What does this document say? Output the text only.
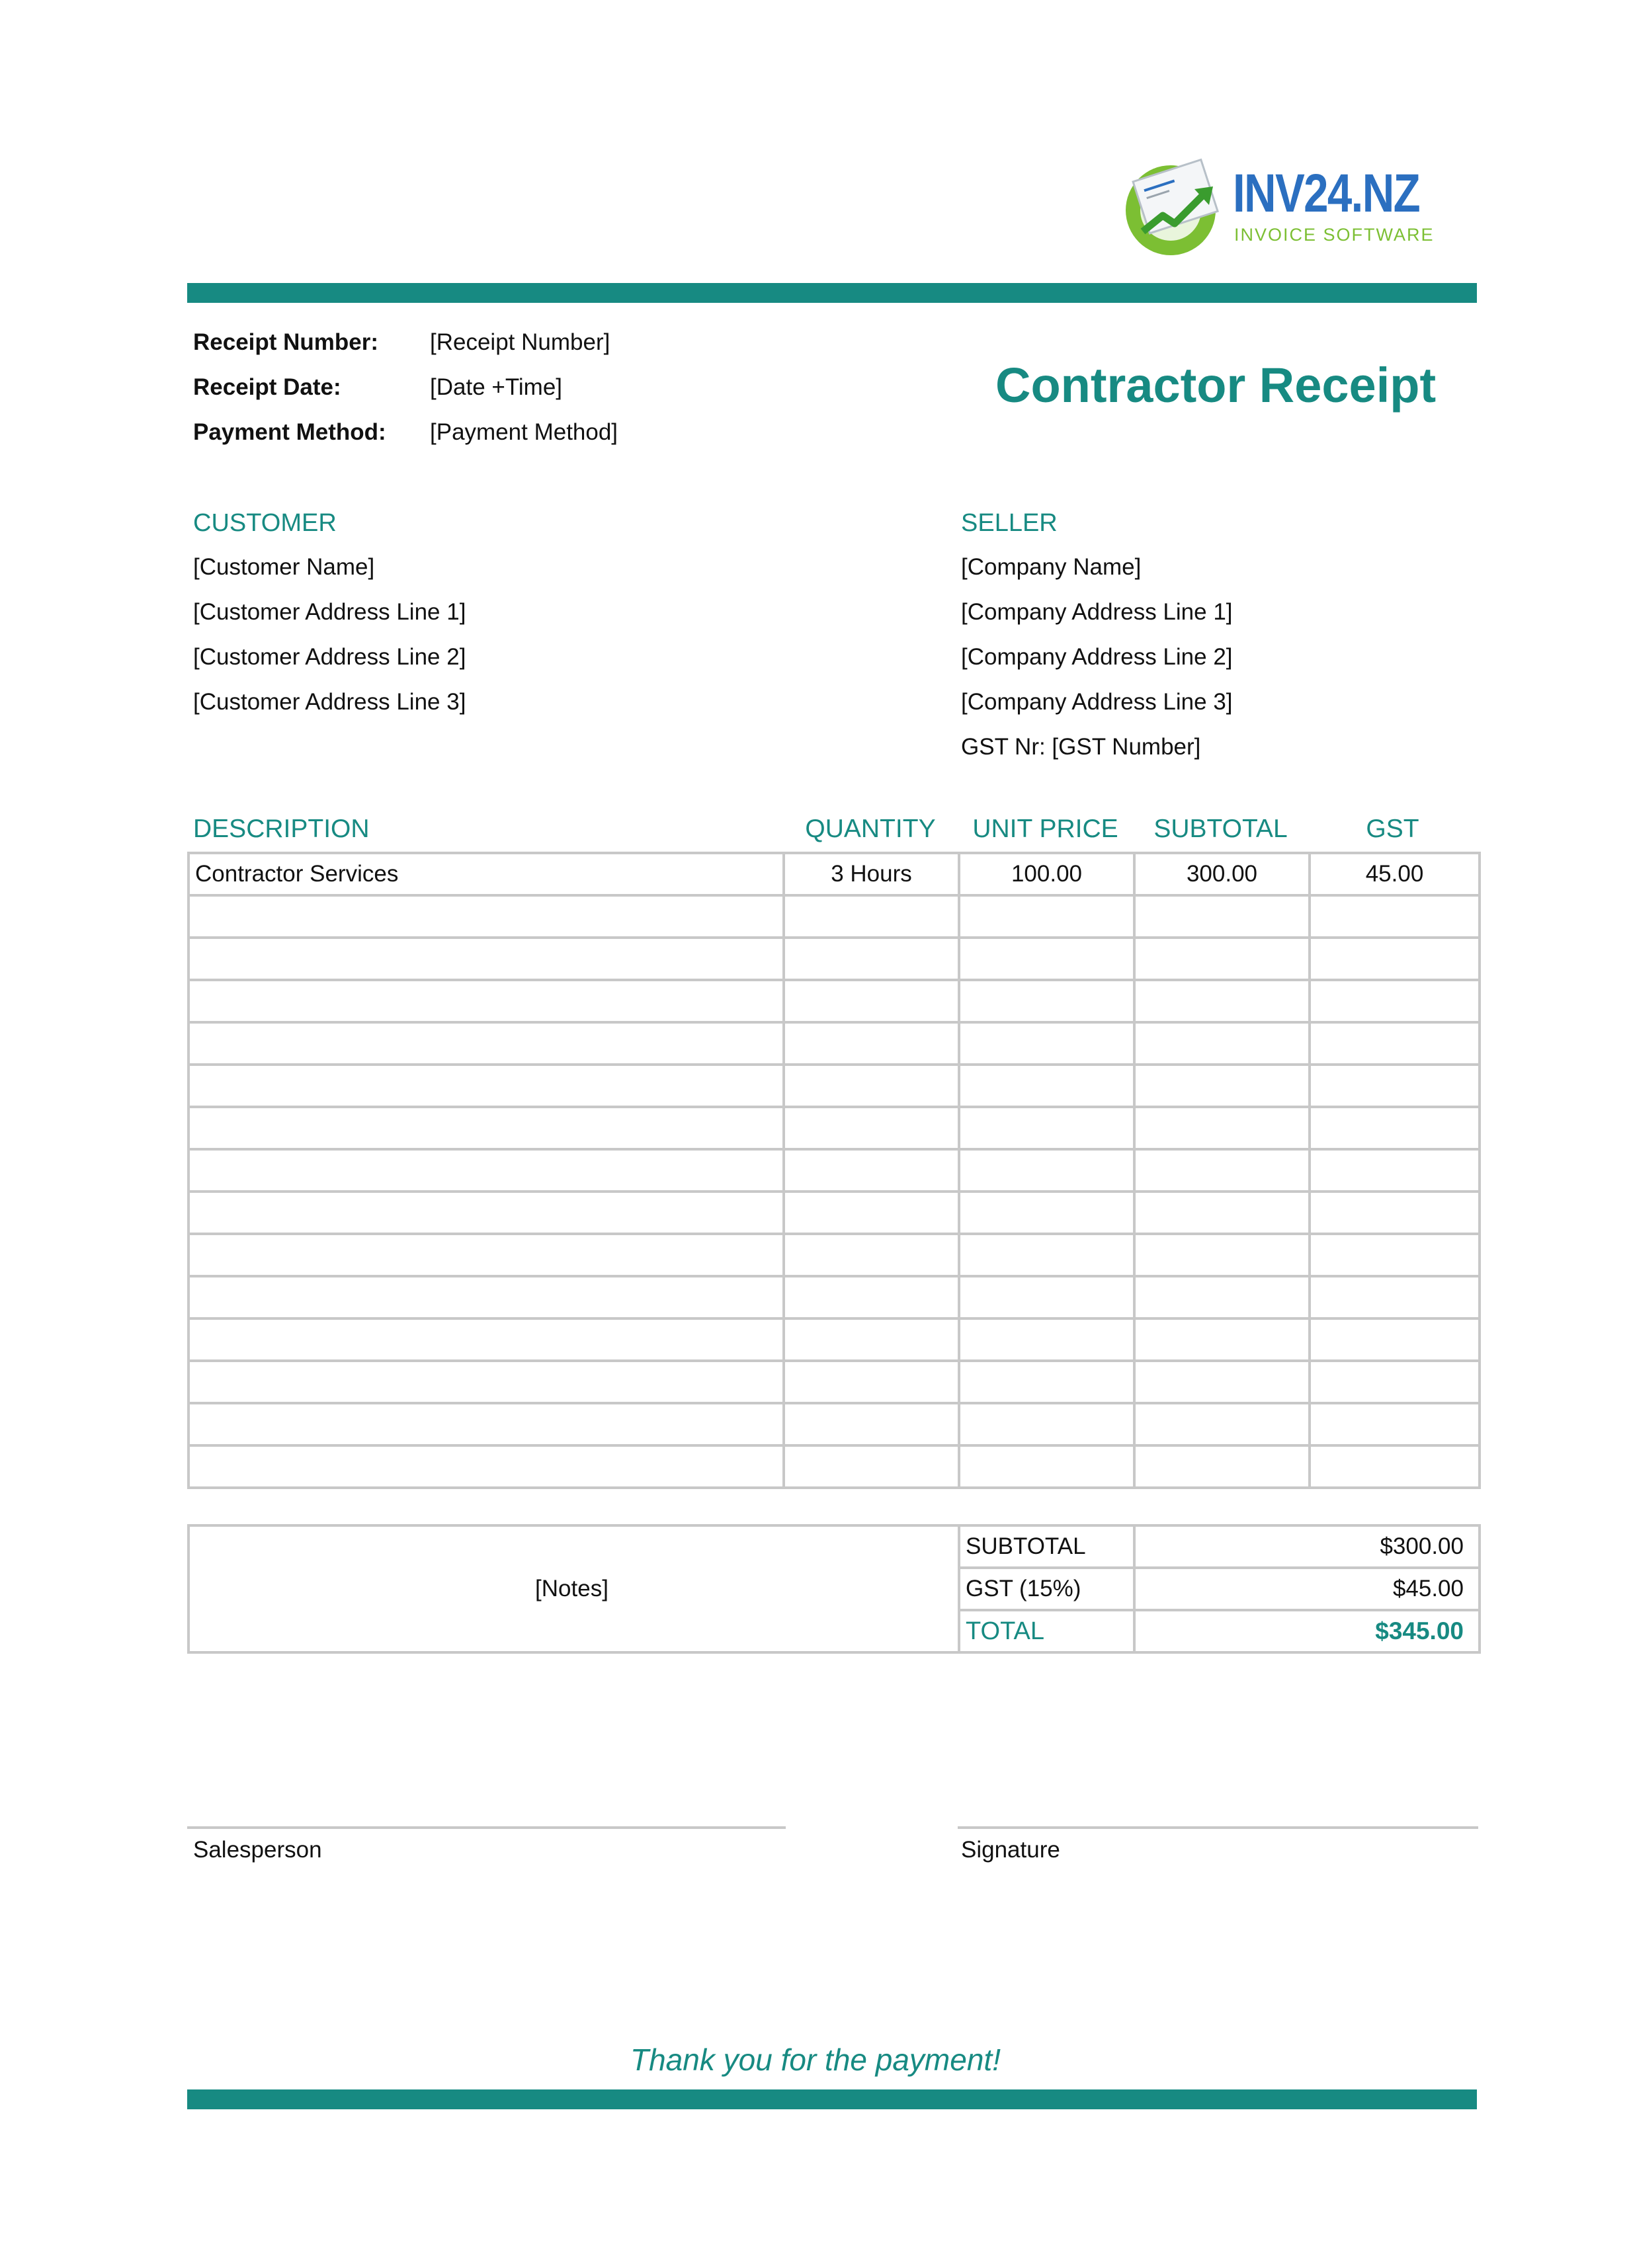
INV24.NZ
INVOICE SOFTWARE
Receipt Number: [Receipt Number]
Receipt Date:	[Date +Time]
Payment Method: [Payment Method]
Contractor Receipt
CUSTOMER
[Customer Name]
[Customer Address Line 1]
[Customer Address Line 2]
[Customer Address Line 3]
SELLER
[Company Name]
[Company Address Line 1]
[Company Address Line 2]
[Company Address Line 3]
GST Nr: [GST Number]
DESCRIPTION	QUANTITY	UNIT PRICE	SUBTOTAL	GST
Contractor Services	3 Hours	100.00	300.00	45.00

[Notes]	SUBTOTAL	$300.00
	GST (15%)	$45.00
	TOTAL	$345.00
Salesperson	Signature
Thank you for the payment!
